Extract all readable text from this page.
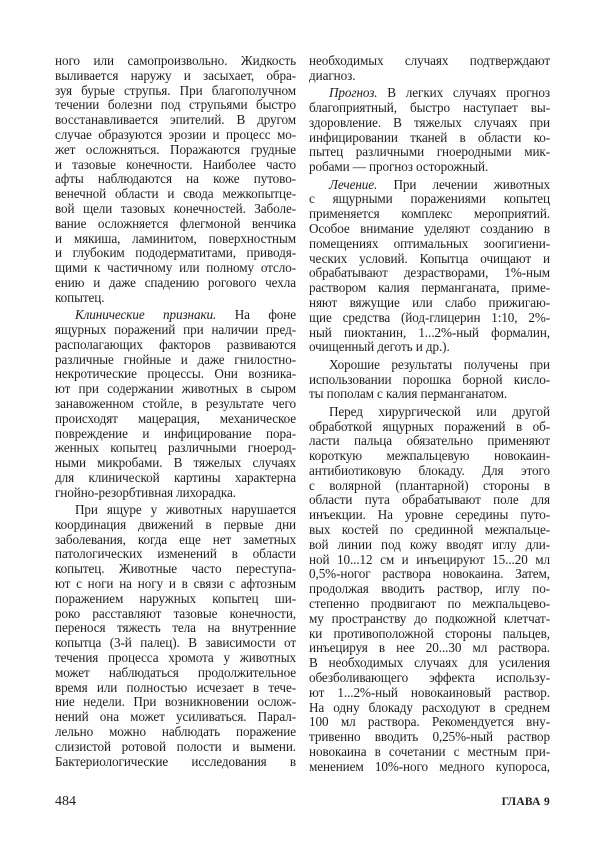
ного или самопроизвольно. Жидкость
выливается наружу и засыхает, обра-
зуя бурые струпья. При благополучном
течении болезни под струпьями быстро
восстанавливается эпителий. В другом
случае образуются эрозии и процесс мо-
жет осложняться. Поражаются грудные
и тазовые конечности. Наиболее часто
афты наблюдаются на коже путово-
венечной области и свода межкопытце-
вой щели тазовых конечностей. Заболе-
вание осложняется флегмоной венчика
и мякиша, ламинитом, поверхностным
и глубоким пододерматитами, приводя-
щими к частичному или полному отсло-
ению и даже спадению рогового чехла
копытец.
Клинические признаки. На фоне
ящурных поражений при наличии пред-
располагающих факторов развиваются
различные гнойные и даже гнилостно-
некротические процессы. Они возника-
ют при содержании животных в сыром
занавоженном стойле, в результате чего
происходят мацерация, механическое
повреждение и инфицирование пора-
женных копытец различными гноерод-
ными микробами. В тяжелых случаях
для клинической картины характерна
гнойно-резорбтивная лихорадка.
При ящуре у животных нарушается
координация движений в первые дни
заболевания, когда еще нет заметных
патологических изменений в области
копытец. Животные часто переступа-
ют с ноги на ногу и в связи с афтозным
поражением наружных копытец ши-
роко расставляют тазовые конечности,
перенося тяжесть тела на внутренние
копытца (3-й палец). В зависимости от
течения процесса хромота у животных
может наблюдаться продолжительное
время или полностью исчезает в тече-
ние недели. При возникновении ослож-
нений она может усиливаться. Парал-
лельно можно наблюдать поражение
слизистой ротовой полости и вымени.
Бактериологические исследования в
необходимых случаях подтверждают
диагноз.
Прогноз. В легких случаях прогноз
благоприятный, быстро наступает вы-
здоровление. В тяжелых случаях при
инфицировании тканей в области ко-
пытец различными гноеродными мик-
робами — прогноз осторожный.
Лечение. При лечении животных
с ящурными поражениями копытец
применяется комплекс мероприятий.
Особое внимание уделяют созданию в
помещениях оптимальных зоогигиени-
ческих условий. Копытца очищают и
обрабатывают дезрастворами, 1%-ным
раствором калия перманганата, приме-
няют вяжущие или слабо прижигаю-
щие средства (йод-глицерин 1:10, 2%-
ный пиоктанин, 1...2%-ный формалин,
очищенный деготь и др.).
Хорошие результаты получены при
использовании порошка борной кисло-
ты пополам с калия перманганатом.
Перед хирургической или другой
обработкой ящурных поражений в об-
ласти пальца обязательно применяют
короткую межпальцевую новокаин-
антибиотиковую блокаду. Для этого
с волярной (плантарной) стороны в
области пута обрабатывают поле для
инъекции. На уровне середины путо-
вых костей по срединной межпальце-
вой линии под кожу вводят иглу дли-
ной 10...12 см и инъецируют 15...20 мл
0,5%-ногог раствора новокаина. Затем,
продолжая вводить раствор, иглу по-
степенно продвигают по межпальцево-
му пространству до подкожной клетчат-
ки противоположной стороны пальцев,
инъецируя в нее 20...30 мл раствора.
В необходимых случаях для усиления
обезболивающего эффекта использу-
ют 1...2%-ный новокаиновый раствор.
На одну блокаду расходуют в среднем
100 мл раствора. Рекомендуется вну-
тривенно вводить 0,25%-ный раствор
новокаина в сочетании с местным при-
менением 10%-ного медного купороса,
484	ГЛАВА 9
